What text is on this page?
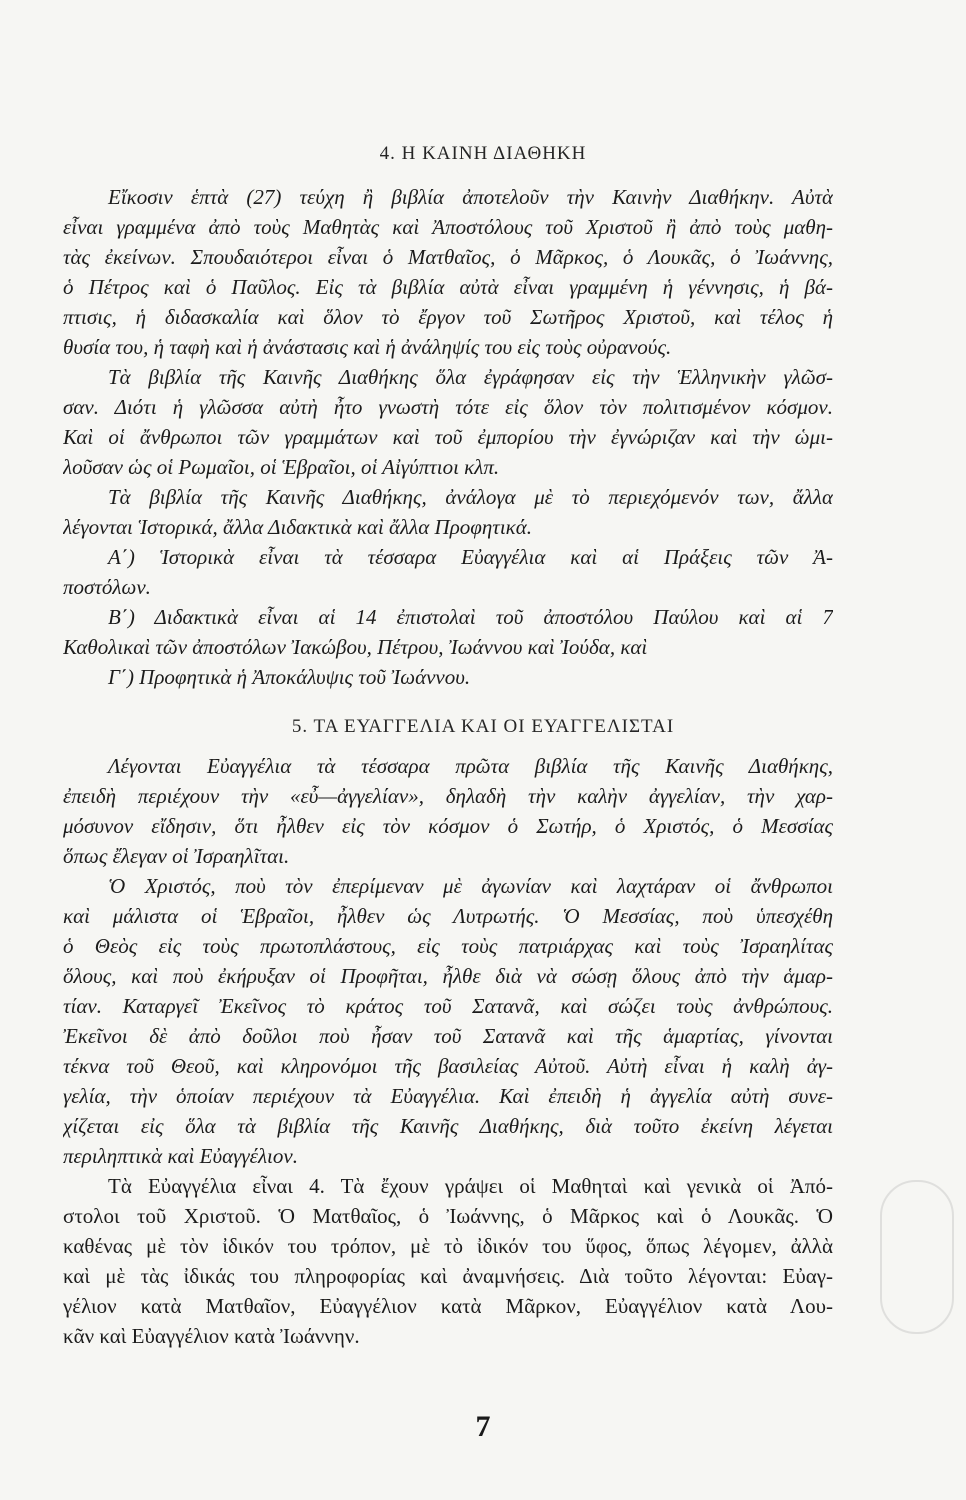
4. Η ΚΑΙΝΗ ΔΙΑΘΗΚΗ
Εἴκοσιν ἑπτὰ (27) τεύχη ἢ βιβλία ἀποτελοῦν τὴν Καινὴν Διαθήκην. Αὐτὰ
εἶναι γραμμένα ἀπὸ τοὺς Μαθητὰς καὶ Ἀποστόλους τοῦ Χριστοῦ ἢ ἀπὸ τοὺς μαθη-
τὰς ἐκείνων. Σπουδαιότεροι εἶναι ὁ Ματθαῖος, ὁ Μᾶρκος, ὁ Λουκᾶς, ὁ Ἰωάννης,
ὁ Πέτρος καὶ ὁ Παῦλος. Εἰς τὰ βιβλία αὐτὰ εἶναι γραμμένη ἡ γέννησις, ἡ βά-
πτισις, ἡ διδασκαλία καὶ ὅλον τὸ ἔργον τοῦ Σωτῆρος Χριστοῦ, καὶ τέλος ἡ
θυσία του, ἡ ταφὴ καὶ ἡ ἀνάστασις καὶ ἡ ἀνάληψίς του εἰς τοὺς οὐρανούς.
Τὰ βιβλία τῆς Καινῆς Διαθήκης ὅλα ἐγράφησαν εἰς τὴν Ἑλληνικὴν γλῶσ-
σαν. Διότι ἡ γλῶσσα αὐτὴ ἦτο γνωστὴ τότε εἰς ὅλον τὸν πολιτισμένον κόσμον.
Καὶ οἱ ἄνθρωποι τῶν γραμμάτων καὶ τοῦ ἐμπορίου τὴν ἐγνώριζαν καὶ τὴν ὡμι-
λοῦσαν ὡς οἱ Ρωμαῖοι, οἱ Ἑβραῖοι, οἱ Αἰγύπτιοι κλπ.
Τὰ βιβλία τῆς Καινῆς Διαθήκης, ἀνάλογα μὲ τὸ περιεχόμενόν των, ἄλλα
λέγονται Ἱστορικά, ἄλλα Διδακτικὰ καὶ ἄλλα Προφητικά.
Α΄) Ἱστορικὰ εἶναι τὰ τέσσαρα Εὐαγγέλια καὶ αἱ Πράξεις τῶν Ἀ-
ποστόλων.
Β΄) Διδακτικὰ εἶναι αἱ 14 ἐπιστολαὶ τοῦ ἀποστόλου Παύλου καὶ αἱ 7
Καθολικαὶ τῶν ἀποστόλων Ἰακώβου, Πέτρου, Ἰωάννου καὶ Ἰούδα, καὶ
Γ΄) Προφητικὰ ἡ Ἀποκάλυψις τοῦ Ἰωάννου.
5. ΤΑ ΕΥΑΓΓΕΛΙΑ ΚΑΙ ΟΙ ΕΥΑΓΓΕΛΙΣΤΑΙ
Λέγονται Εὐαγγέλια τὰ τέσσαρα πρῶτα βιβλία τῆς Καινῆς Διαθήκης,
ἐπειδὴ περιέχουν τὴν «εὖ—ἀγγελίαν», δηλαδὴ τὴν καλὴν ἀγγελίαν, τὴν χαρ-
μόσυνον εἴδησιν, ὅτι ἦλθεν εἰς τὸν κόσμον ὁ Σωτήρ, ὁ Χριστός, ὁ Μεσσίας
ὅπως ἔλεγαν οἱ Ἰσραηλῖται.
Ὁ Χριστός, ποὺ τὸν ἐπερίμεναν μὲ ἀγωνίαν καὶ λαχτάραν οἱ ἄνθρωποι
καὶ μάλιστα οἱ Ἑβραῖοι, ἦλθεν ὡς Λυτρωτής. Ὁ Μεσσίας, ποὺ ὑπεσχέθη
ὁ Θεὸς εἰς τοὺς πρωτοπλάστους, εἰς τοὺς πατριάρχας καὶ τοὺς Ἰσραηλίτας
ὅλους, καὶ ποὺ ἐκήρυξαν οἱ Προφῆται, ἦλθε διὰ νὰ σώσῃ ὅλους ἀπὸ τὴν ἁμαρ-
τίαν. Καταργεῖ Ἐκεῖνος τὸ κράτος τοῦ Σατανᾶ, καὶ σώζει τοὺς ἀνθρώπους.
Ἐκεῖνοι δὲ ἀπὸ δοῦλοι ποὺ ἦσαν τοῦ Σατανᾶ καὶ τῆς ἁμαρτίας, γίνονται
τέκνα τοῦ Θεοῦ, καὶ κληρονόμοι τῆς βασιλείας Αὐτοῦ. Αὐτὴ εἶναι ἡ καλὴ ἀγ-
γελία, τὴν ὁποίαν περιέχουν τὰ Εὐαγγέλια. Καὶ ἐπειδὴ ἡ ἀγγελία αὐτὴ συνε-
χίζεται εἰς ὅλα τὰ βιβλία τῆς Καινῆς Διαθήκης, διὰ τοῦτο ἐκείνη λέγεται
περιληπτικὰ καὶ Εὐαγγέλιον.
Τὰ Εὐαγγέλια εἶναι 4. Τὰ ἔχουν γράψει οἱ Μαθηταὶ καὶ γενικὰ οἱ Ἀπό-
στολοι τοῦ Χριστοῦ. Ὁ Ματθαῖος, ὁ Ἰωάννης, ὁ Μᾶρκος καὶ ὁ Λουκᾶς. Ὁ
καθένας μὲ τὸν ἰδικόν του τρόπον, μὲ τὸ ἰδικόν του ὕφος, ὅπως λέγομεν, ἀλλὰ
καὶ μὲ τὰς ἰδικάς του πληροφορίας καὶ ἀναμνήσεις. Διὰ τοῦτο λέγονται: Εὐαγ-
γέλιον κατὰ Ματθαῖον, Εὐαγγέλιον κατὰ Μᾶρκον, Εὐαγγέλιον κατὰ Λου-
κᾶν καὶ Εὐαγγέλιον κατὰ Ἰωάννην.
7
